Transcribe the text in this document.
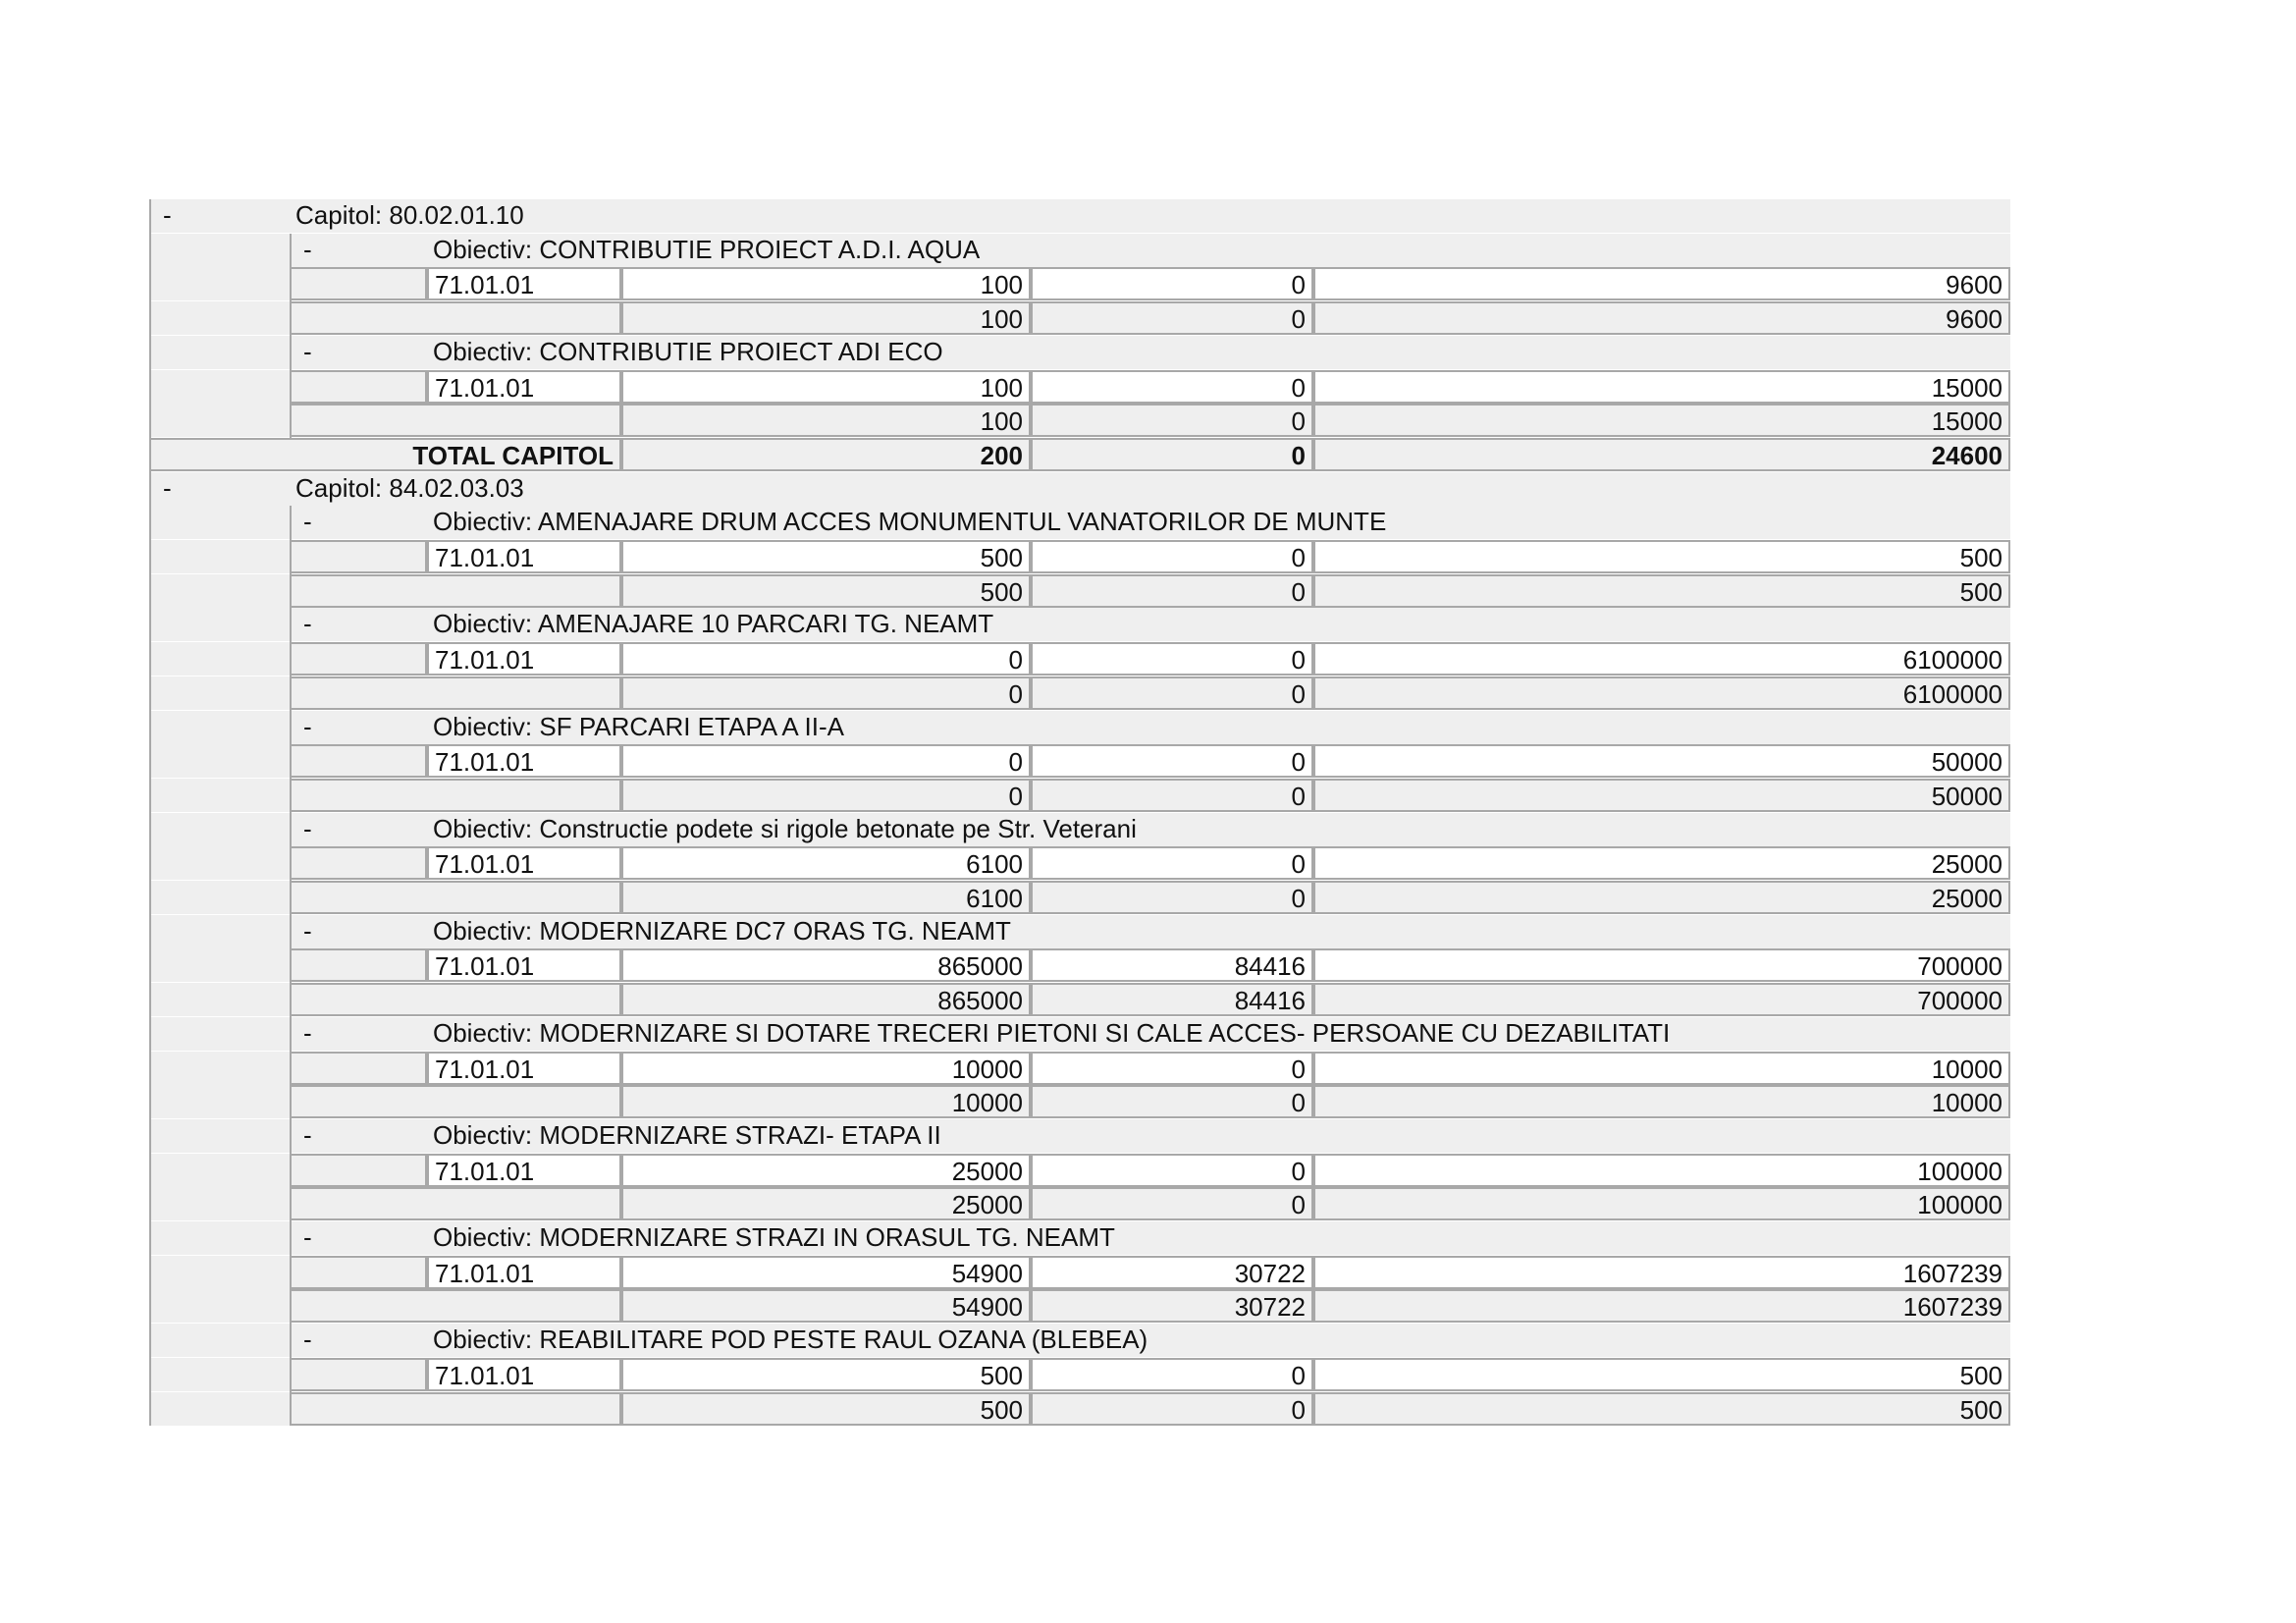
-	Capitol: 80.02.01.10
-	Obiectiv: CONTRIBUTIE PROIECT A.D.I. AQUA
71.01.01	100	0	9600
100	0	9600
-	Obiectiv: CONTRIBUTIE PROIECT ADI ECO
71.01.01	100	0	15000
100	0	15000
TOTAL CAPITOL	200	0	24600
-	Capitol: 84.02.03.03
-	Obiectiv: AMENAJARE DRUM ACCES MONUMENTUL VANATORILOR DE MUNTE
71.01.01	500	0	500
500	0	500
-	Obiectiv: AMENAJARE 10 PARCARI TG. NEAMT
71.01.01	0	0	6100000
0	0	6100000
-	Obiectiv: SF PARCARI ETAPA A II-A
71.01.01	0	0	50000
0	0	50000
-	Obiectiv: Constructie podete si rigole betonate pe Str. Veterani
71.01.01	6100	0	25000
6100	0	25000
-	Obiectiv: MODERNIZARE DC7 ORAS TG. NEAMT
71.01.01	865000	84416	700000
865000	84416	700000
-	Obiectiv: MODERNIZARE SI DOTARE TRECERI PIETONI SI CALE ACCES- PERSOANE CU DEZABILITATI
71.01.01	10000	0	10000
10000	0	10000
-	Obiectiv: MODERNIZARE STRAZI- ETAPA II
71.01.01	25000	0	100000
25000	0	100000
-	Obiectiv: MODERNIZARE STRAZI IN ORASUL TG. NEAMT
71.01.01	54900	30722	1607239
54900	30722	1607239
-	Obiectiv: REABILITARE POD PESTE RAUL OZANA (BLEBEA)
71.01.01	500	0	500
500	0	500
